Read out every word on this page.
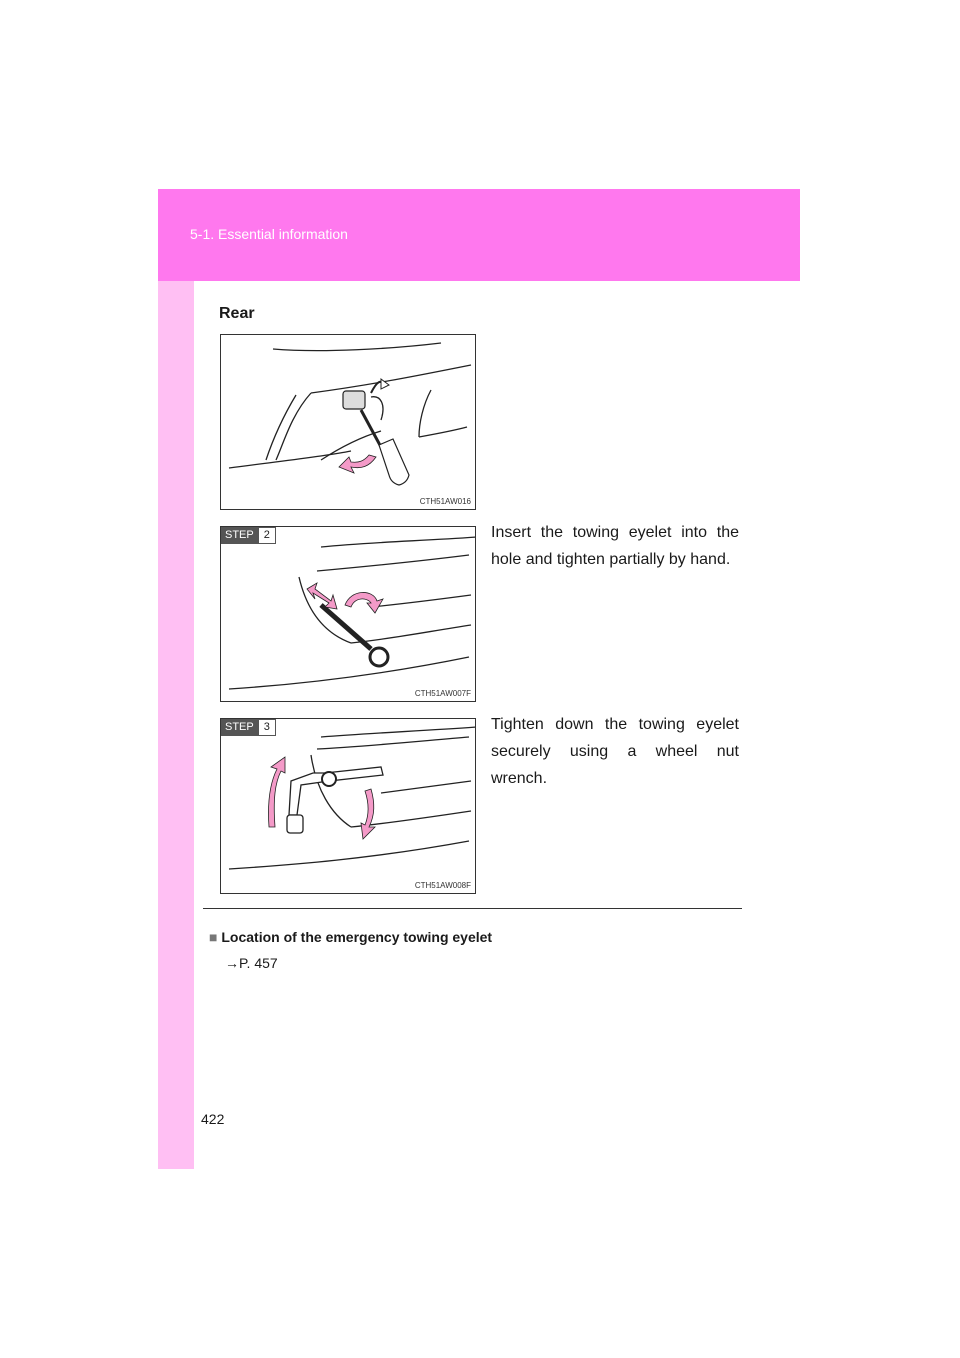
5-1. Essential information
Rear
CTH51AW016
STEP 2
CTH51AW007F
STEP 3
CTH51AW008F
Insert the towing eyelet into the hole and tighten partially by hand.
Tighten down the towing eyelet securely using a wheel nut wrench.
■ Location of the emergency towing eyelet
→P. 457
422
